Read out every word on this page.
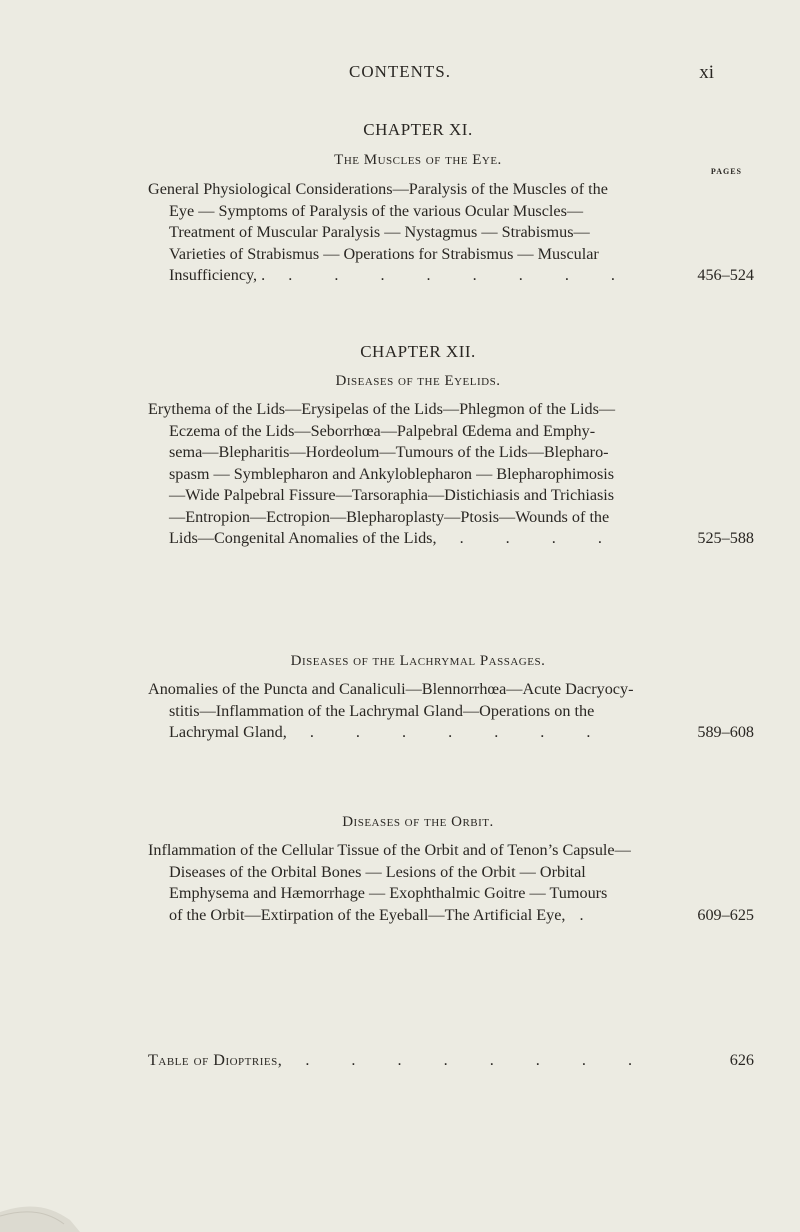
CONTENTS.	xi
CHAPTER XI.
The Muscles of the Eye.
PAGES
General Physiological Considerations—Paralysis of the Muscles of the
Eye — Symptoms of Paralysis of the various Ocular Muscles—
Treatment of Muscular Paralysis — Nystagmus — Strabismus—
Varieties of Strabismus — Operations for Strabismus — Muscular
Insufficiency, . . . . . . . . .	456–524
CHAPTER XII.
Diseases of the Eyelids.
Erythema of the Lids—Erysipelas of the Lids—Phlegmon of the Lids—
Eczema of the Lids—Seborrhœa—Palpebral Œdema and Emphy-
sema—Blepharitis—Hordeolum—Tumours of the Lids—Blepharo-
spasm — Symblepharon and Ankyloblepharon — Blepharophimosis
—Wide Palpebral Fissure—Tarsoraphia—Distichiasis and Trichiasis
—Entropion—Ectropion—Blepharoplasty—Ptosis—Wounds of the
Lids—Congenital Anomalies of the Lids, . . . .	525–588
Diseases of the Lachrymal Passages.
Anomalies of the Puncta and Canaliculi—Blennorrhœa—Acute Dacryocy-
stitis—Inflammation of the Lachrymal Gland—Operations on the
Lachrymal Gland, . . . . . . .	589–608
Diseases of the Orbit.
Inflammation of the Cellular Tissue of the Orbit and of Tenon’s Capsule—
Diseases of the Orbital Bones — Lesions of the Orbit — Orbital
Emphysema and Hæmorrhage — Exophthalmic Goitre — Tumours
of the Orbit—Extirpation of the Eyeball—The Artificial Eye, .	609–625
Table of Dioptries, . . . . . . . .	626
